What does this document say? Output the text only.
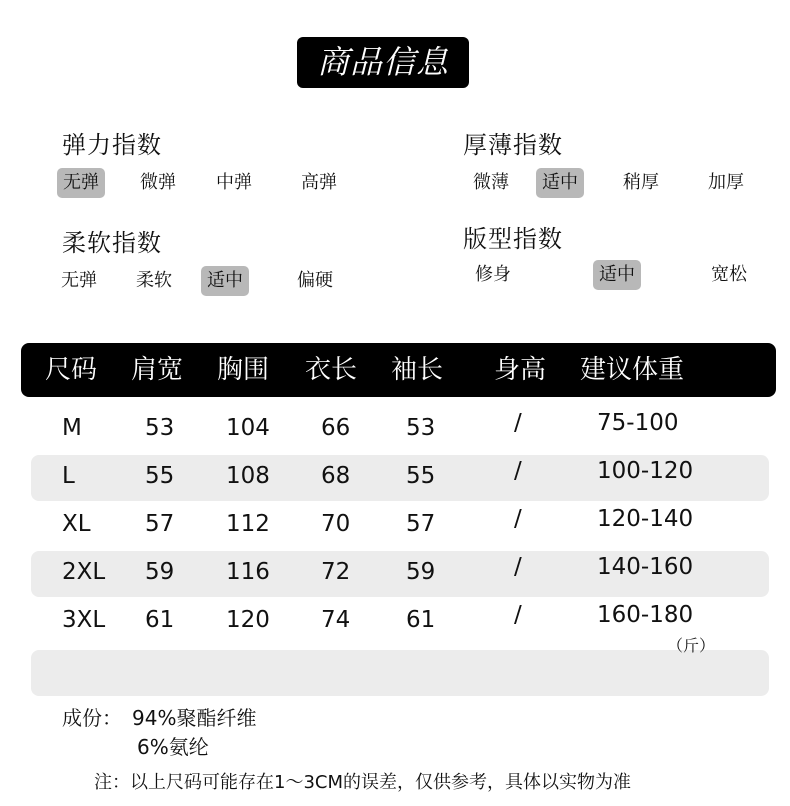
商品信息
弹力指数
无弹	微弹	中弹	高弹
厚薄指数
微薄	适中	稍厚	加厚
柔软指数
无弹	柔软	适中	偏硬
版型指数
修身	适中	宽松
尺码 肩宽 胸围 衣长 袖长 身高 建议体重
M	53 104 66 53	/	75-100
L	55 108 68 55	/	100-120
XL 57 112 70 57	/	120-140
2XL 59 116 72 59	/	140-160
3XL 61 120 74 61	/	160-180
（斤）
成份： 94%聚酯纤维
6%氨纶
注：以上尺码可能存在1～3CM的误差，仅供参考，具体以实物为准
